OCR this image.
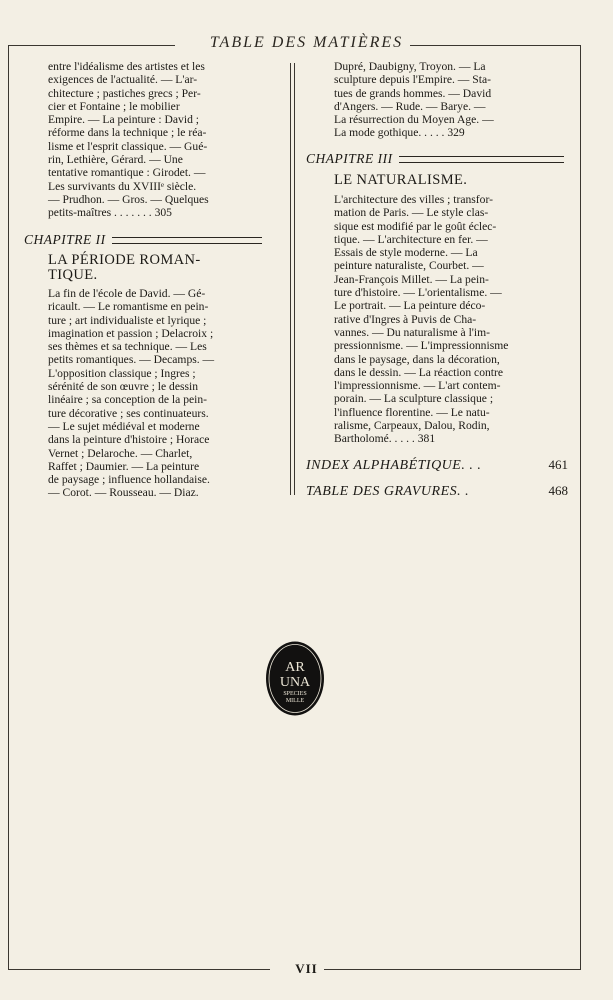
TABLE DES MATIÈRES
entre l'idéalisme des artistes et les
exigences de l'actualité. — L'ar-
chitecture ; pastiches grecs ; Per-
cier et Fontaine ; le mobilier
Empire. — La peinture : David ;
réforme dans la technique ; le réa-
lisme et l'esprit classique. — Gué-
rin, Lethière, Gérard. — Une
tentative romantique : Girodet. —
Les survivants du XVIIIᵉ siècle.
— Prudhon. — Gros. — Quelques
petits-maîtres . . . . . . . 305
CHAPITRE II
LA PÉRIODE ROMAN-
TIQUE.
La fin de l'école de David. — Gé-
ricault. — Le romantisme en pein-
ture ; art individualiste et lyrique ;
imagination et passion ; Delacroix ;
ses thèmes et sa technique. — Les
petits romantiques. — Decamps. —
L'opposition classique ; Ingres ;
sérénité de son œuvre ; le dessin
linéaire ; sa conception de la pein-
ture décorative ; ses continuateurs.
— Le sujet médiéval et moderne
dans la peinture d'histoire ; Horace
Vernet ; Delaroche. — Charlet,
Raffet ; Daumier. — La peinture
de paysage ; influence hollandaise.
— Corot. — Rousseau. — Diaz.
Dupré, Daubigny, Troyon. — La
sculpture depuis l'Empire. — Sta-
tues de grands hommes. — David
d'Angers. — Rude. — Barye. —
La résurrection du Moyen Age. —
La mode gothique. . . . . 329
CHAPITRE III
LE NATURALISME.
L'architecture des villes ; transfor-
mation de Paris. — Le style clas-
sique est modifié par le goût éclec-
tique. — L'architecture en fer. —
Essais de style moderne. — La
peinture naturaliste, Courbet. —
Jean-François Millet. — La pein-
ture d'histoire. — L'orientalisme. —
Le portrait. — La peinture déco-
rative d'Ingres à Puvis de Cha-
vannes. — Du naturalisme à l'im-
pressionnisme. — L'impressionnisme
dans le paysage, dans la décoration,
dans le dessin. — La réaction contre
l'impressionnisme. — L'art contem-
porain. — La sculpture classique ;
l'influence florentine. — Le natu-
ralisme, Carpeaux, Dalou, Rodin,
Bartholomé. . . . . 381
INDEX ALPHABÉTIQUE. . .	461
TABLE DES GRAVURES. .	468
AR
UNA
SPECIES
MILLE
VII
